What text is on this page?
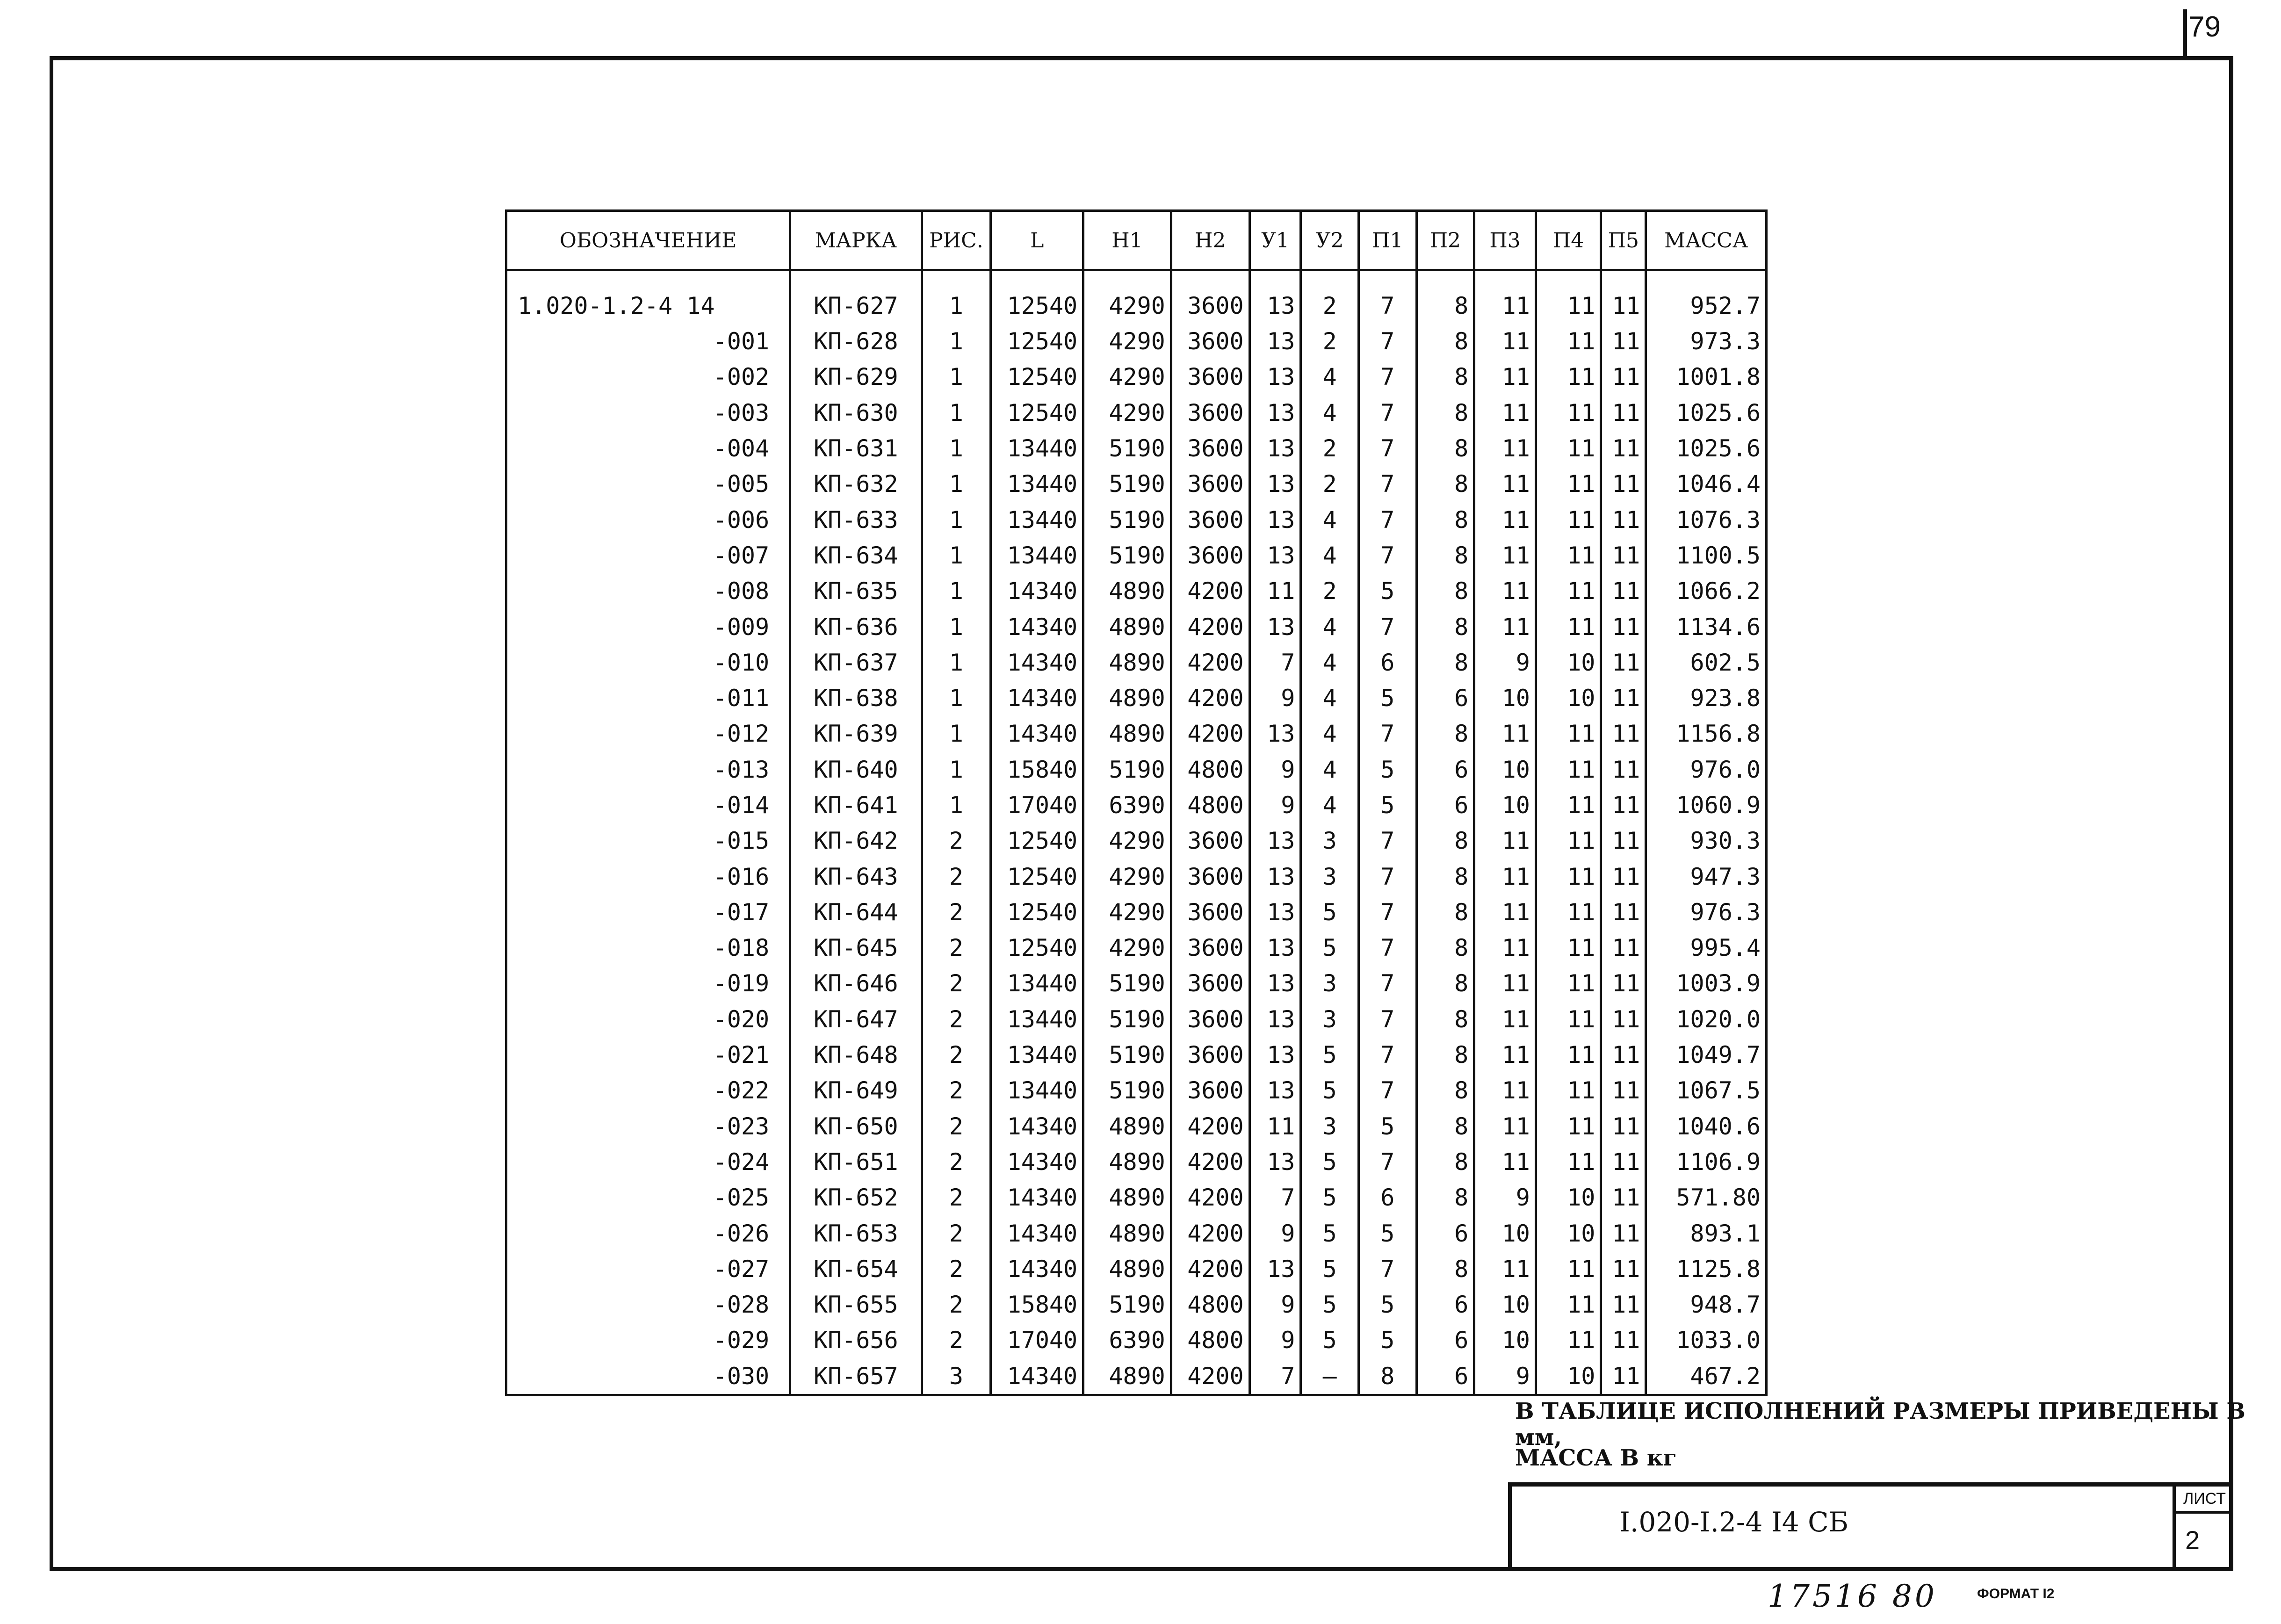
79
ОБОЗНАЧЕНИЕ	МАРКА	РИС.	L	Н1	Н2	У1	У2	П1	П2	П3	П4	П5	МАССА
1.020-1.2-4 14	КП-627	1	12540	4290	3600	13	2	7	8	11	11	11	952.7
-001	КП-628	1	12540	4290	3600	13	2	7	8	11	11	11	973.3
-002	КП-629	1	12540	4290	3600	13	4	7	8	11	11	11	1001.8
-003	КП-630	1	12540	4290	3600	13	4	7	8	11	11	11	1025.6
-004	КП-631	1	13440	5190	3600	13	2	7	8	11	11	11	1025.6
-005	КП-632	1	13440	5190	3600	13	2	7	8	11	11	11	1046.4
-006	КП-633	1	13440	5190	3600	13	4	7	8	11	11	11	1076.3
-007	КП-634	1	13440	5190	3600	13	4	7	8	11	11	11	1100.5
-008	КП-635	1	14340	4890	4200	11	2	5	8	11	11	11	1066.2
-009	КП-636	1	14340	4890	4200	13	4	7	8	11	11	11	1134.6
-010	КП-637	1	14340	4890	4200	7	4	6	8	9	10	11	602.5
-011	КП-638	1	14340	4890	4200	9	4	5	6	10	10	11	923.8
-012	КП-639	1	14340	4890	4200	13	4	7	8	11	11	11	1156.8
-013	КП-640	1	15840	5190	4800	9	4	5	6	10	11	11	976.0
-014	КП-641	1	17040	6390	4800	9	4	5	6	10	11	11	1060.9
-015	КП-642	2	12540	4290	3600	13	3	7	8	11	11	11	930.3
-016	КП-643	2	12540	4290	3600	13	3	7	8	11	11	11	947.3
-017	КП-644	2	12540	4290	3600	13	5	7	8	11	11	11	976.3
-018	КП-645	2	12540	4290	3600	13	5	7	8	11	11	11	995.4
-019	КП-646	2	13440	5190	3600	13	3	7	8	11	11	11	1003.9
-020	КП-647	2	13440	5190	3600	13	3	7	8	11	11	11	1020.0
-021	КП-648	2	13440	5190	3600	13	5	7	8	11	11	11	1049.7
-022	КП-649	2	13440	5190	3600	13	5	7	8	11	11	11	1067.5
-023	КП-650	2	14340	4890	4200	11	3	5	8	11	11	11	1040.6
-024	КП-651	2	14340	4890	4200	13	5	7	8	11	11	11	1106.9
-025	КП-652	2	14340	4890	4200	7	5	6	8	9	10	11	571.80
-026	КП-653	2	14340	4890	4200	9	5	5	6	10	10	11	893.1
-027	КП-654	2	14340	4890	4200	13	5	7	8	11	11	11	1125.8
-028	КП-655	2	15840	5190	4800	9	5	5	6	10	11	11	948.7
-029	КП-656	2	17040	6390	4800	9	5	5	6	10	11	11	1033.0
-030	КП-657	3	14340	4890	4200	7	–	8	6	9	10	11	467.2
В ТАБЛИЦЕ ИСПОЛНЕНИЙ РАЗМЕРЫ ПРИВЕДЕНЫ В мм,
МАССА В кг
I.020-I.2-4 I4 СБ
ЛИСТ
2
17516 80	ФОРМАТ I2
